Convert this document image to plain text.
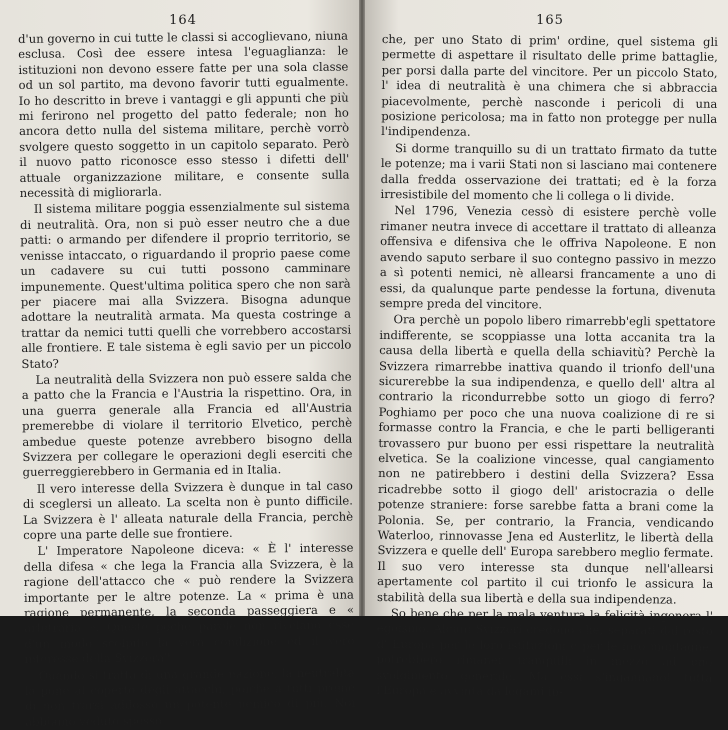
164

d'un governo in cui tutte le classi si accoglievano, niuna esclusa. Così dee essere intesa l'eguaglianza: le istituzioni non devono essere fatte per una sola classe od un sol partito, ma devono favorir tutti egualmente. Io ho descritto in breve i vantaggi e gli appunti che più mi ferirono nel progetto del patto federale; non ho ancora detto nulla del sistema militare, perchè vorrò svolgere questo soggetto in un capitolo separato. Però il nuovo patto riconosce esso stesso i difetti dell' attuale organizzazione militare, e consente sulla necessità di migliorarla.

Il sistema militare poggia essenzialmente sul sistema di neutralità. Ora, non si può esser neutro che a due patti: o armando per difendere il proprio territorio, se venisse intaccato, o riguardando il proprio paese come un cadavere su cui tutti possono camminare impunemente. Quest'ultima politica spero che non sarà per piacere mai alla Svizzera. Bisogna adunque adottare la neutralità armata. Ma questa costringe a trattar da nemici tutti quelli che vorrebbero accostarsi alle frontiere. E tale sistema è egli savio per un piccolo Stato?

La neutralità della Svizzera non può essere salda che a patto che la Francia e l'Austria la rispettino. Ora, in una guerra generale alla Francia ed all'Austria premerebbe di violare il territorio Elvetico, perchè ambedue queste potenze avrebbero bisogno della Svizzera per collegare le operazioni degli eserciti che guerreggierebbero in Germania ed in Italia.

Il vero interesse della Svizzera è dunque in tal caso di sceglersi un alleato. La scelta non è punto difficile. La Svizzera è l' alleata naturale della Francia, perchè copre una parte delle sue frontiere.

L' Imperatore Napoleone diceva: « È l' interesse della difesa « che lega la Francia alla Svizzera, è la ragione dell'attacco che « può rendere la Svizzera importante per le altre potenze. La « prima è una ragione permanente, la seconda passeggiera e « arbitraria ». Queste poche parole non rivelano esse d'un modo scolpito la vera condizione ed il vero interesse della Svizzera?

Quando si tratta di una grande nazione, la neutralità la pone al coperto degli attacchi, poichè a tutti preme di non trarsi addosso un potente nemico di più. Noi abbiamo veduto spesso

165

che, per uno Stato di prim' ordine, quel sistema gli permette di aspettare il risultato delle prime battaglie, per porsi dalla parte del vincitore. Per un piccolo Stato, l' idea di neutralità è una chimera che si abbraccia piacevolmente, perchè nasconde i pericoli di una posizione pericolosa; ma in fatto non protegge per nulla l'indipendenza.

Si dorme tranquillo su di un trattato firmato da tutte le potenze; ma i varii Stati non si lasciano mai contenere dalla fredda osservazione dei trattati; ed è la forza irresistibile del momento che li collega o li divide.

Nel 1796, Venezia cessò di esistere perchè volle rimaner neutra invece di accettare il trattato di alleanza offensiva e difensiva che le offriva Napoleone. E non avendo saputo serbare il suo contegno passivo in mezzo a sì potenti nemici, nè allearsi francamente a uno di essi, da qualunque parte pendesse la fortuna, divenuta sempre preda del vincitore.

Ora perchè un popolo libero rimarrebb'egli spettatore indifferente, se scoppiasse una lotta accanita tra la causa della libertà e quella della schiavitù? Perchè la Svizzera rimarrebbe inattiva quando il trionfo dell'una sicurerebbe la sua indipendenza, e quello dell' altra al contrario la ricondurrebbe sotto un giogo di ferro? Poghiamo per poco che una nuova coalizione di re si formasse contro la Francia, e che le parti belligeranti trovassero pur buono per essi rispettare la neutralità elvetica. Se la coalizione vincesse, qual cangiamento non ne patirebbero i destini della Svizzera? Essa ricadrebbe sotto il giogo dell' aristocrazia o delle potenze straniere: forse sarebbe fatta a brani come la Polonia. Se, per contrario, la Francia, vendicando Waterloo, rinnovasse Jena ed Austerlitz, le libertà della Svizzera e quelle dell' Europa sarebbero meglio fermate. Il suo vero interesse sta dunque nell'allearsi apertamente col partito il cui trionfo le assicura la stabilità della sua libertà e della sua indipendenza.

So bene che per la mala ventura la felicità ingenera l' egoismo. Alcuni Svizzeri credono che, separati dal resto d' Europa per le loro istituzioni e per le loro montagne, potrebbero rimaner tranquilli in mezzo ad uno svolgimento generale. Ma essi s'ingannano! tutta l'Europa è avvinta da legami in-
